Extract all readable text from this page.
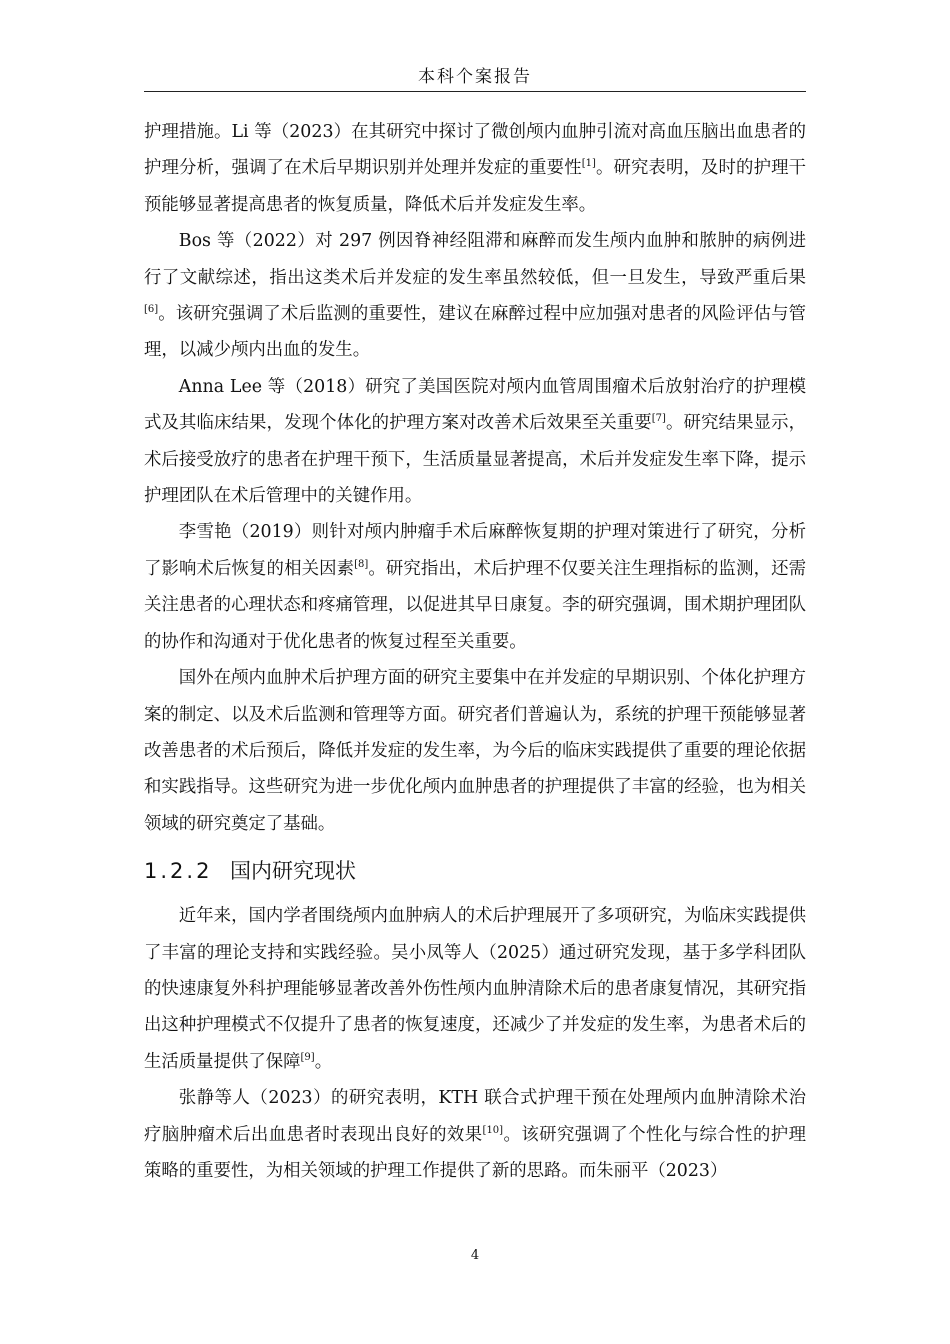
本科个案报告

护理措施。Li 等（2023）在其研究中探讨了微创颅内血肿引流对高血压脑出血患者的护理分析，强调了在术后早期识别并处理并发症的重要性[1]。研究表明，及时的护理干预能够显著提高患者的恢复质量，降低术后并发症发生率。

Bos 等（2022）对 297 例因脊神经阻滞和麻醉而发生颅内血肿和脓肿的病例进行了文献综述，指出这类术后并发症的发生率虽然较低，但一旦发生，导致严重后果[6]。该研究强调了术后监测的重要性，建议在麻醉过程中应加强对患者的风险评估与管理，以减少颅内出血的发生。

Anna Lee 等（2018）研究了美国医院对颅内血管周围瘤术后放射治疗的护理模式及其临床结果，发现个体化的护理方案对改善术后效果至关重要[7]。研究结果显示，术后接受放疗的患者在护理干预下，生活质量显著提高，术后并发症发生率下降，提示护理团队在术后管理中的关键作用。

李雪艳（2019）则针对颅内肿瘤手术后麻醉恢复期的护理对策进行了研究，分析了影响术后恢复的相关因素[8]。研究指出，术后护理不仅要关注生理指标的监测，还需关注患者的心理状态和疼痛管理，以促进其早日康复。李的研究强调，围术期护理团队的协作和沟通对于优化患者的恢复过程至关重要。

国外在颅内血肿术后护理方面的研究主要集中在并发症的早期识别、个体化护理方案的制定、以及术后监测和管理等方面。研究者们普遍认为，系统的护理干预能够显著改善患者的术后预后，降低并发症的发生率，为今后的临床实践提供了重要的理论依据和实践指导。这些研究为进一步优化颅内血肿患者的护理提供了丰富的经验，也为相关领域的研究奠定了基础。

1.2.2 国内研究现状

近年来，国内学者围绕颅内血肿病人的术后护理展开了多项研究，为临床实践提供了丰富的理论支持和实践经验。吴小凤等人（2025）通过研究发现，基于多学科团队的快速康复外科护理能够显著改善外伤性颅内血肿清除术后的患者康复情况，其研究指出这种护理模式不仅提升了患者的恢复速度，还减少了并发症的发生率，为患者术后的生活质量提供了保障[9]。

张静等人（2023）的研究表明，KTH 联合式护理干预在处理颅内血肿清除术治疗脑肿瘤术后出血患者时表现出良好的效果[10]。该研究强调了个性化与综合性的护理策略的重要性，为相关领域的护理工作提供了新的思路。而朱丽平（2023）

4
